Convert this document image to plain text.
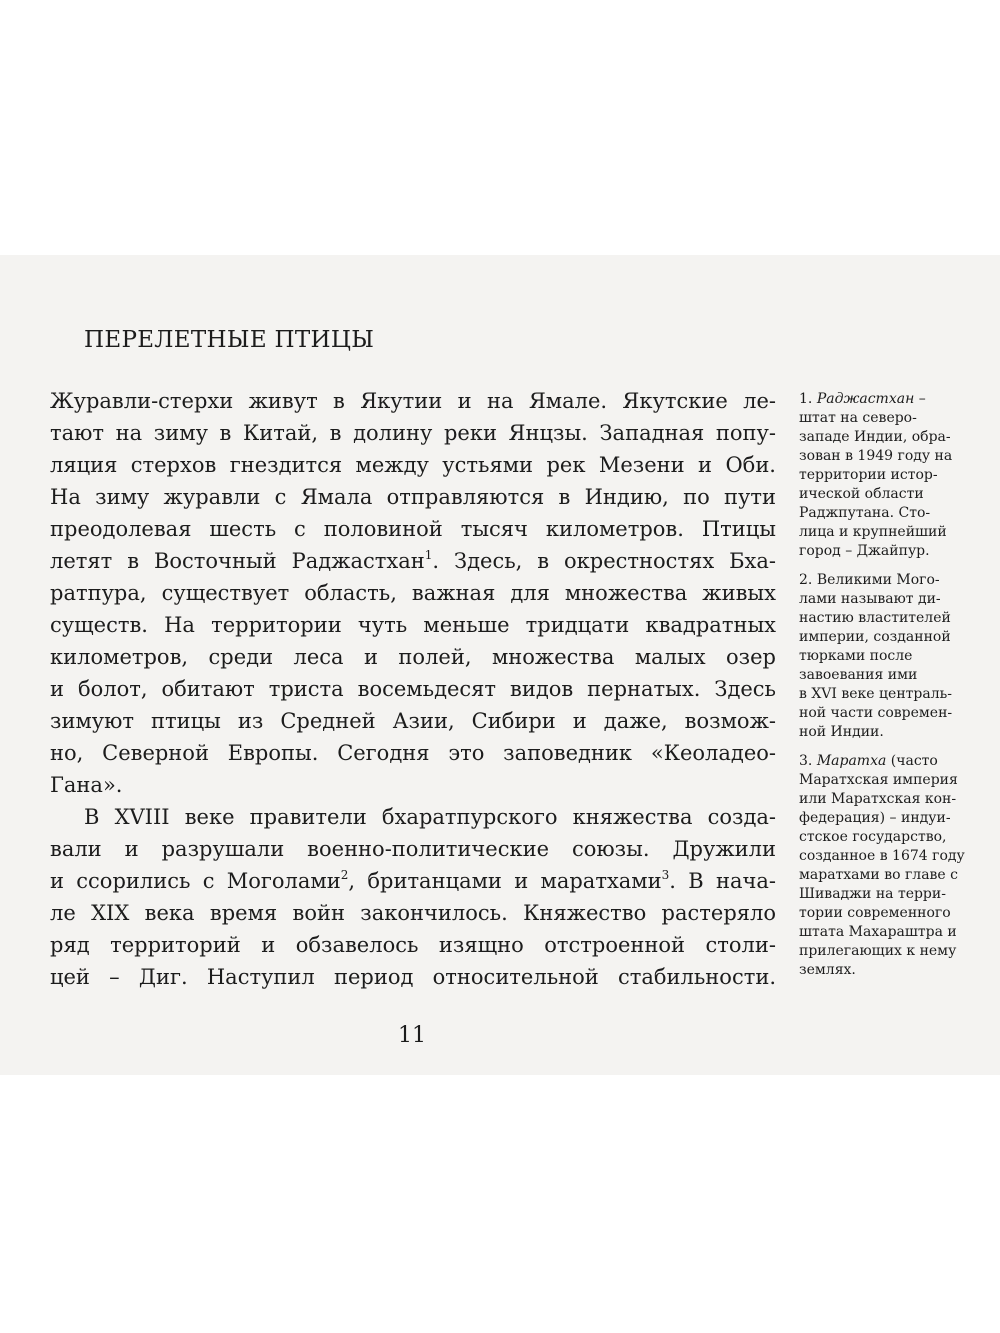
ПЕРЕЛЕТНЫЕ ПТИЦЫ
Журавли-стерхи живут в Якутии и на Ямале. Якутские ле-
тают на зиму в Китай, в долину реки Янцзы. Западная попу-
ляция стерхов гнездится между устьями рек Мезени и Оби.
На зиму журавли с Ямала отправляются в Индию, по пути
преодолевая шесть с половиной тысяч километров. Птицы
летят в Восточный Раджастхан$^1$. Здесь, в окрестностях Бха-
ратпура, существует область, важная для множества живых
существ. На территории чуть меньше тридцати квадратных
километров, среди леса и полей, множества малых озер
и болот, обитают триста восемьдесят видов пернатых. Здесь
зимуют птицы из Средней Азии, Сибири и даже, возмож-
но, Северной Европы. Сегодня это заповедник «Кеоладео-
Гана».
В XVIII веке правители бхаратпурского княжества созда-
вали и разрушали военно-политические союзы. Дружили
и ссорились с Моголами$^2$, британцами и маратхами$^3$. В нача-
ле XIX века время войн закончилось. Княжество растеряло
ряд территорий и обзавелось изящно отстроенной столи-
цей – Диг. Наступил период относительной стабильности.
11
1. Раджастхан –
штат на северо-
западе Индии, обра-
зован в 1949 году на
территории истор-
ической области
Раджпутана. Сто-
лица и крупнейший
город – Джайпур.
2. Великими Мого-
лами называют ди-
настию властителей
империи, созданной
тюрками после
завоевания ими
в XVI веке централь-
ной части современ-
ной Индии.
3. Маратха (часто
Маратхская империя
или Маратхская кон-
федерация) – индуи-
стское государство,
созданное в 1674 году
маратхами во главе с
Шиваджи на терри-
тории современного
штата Махараштра и
прилегающих к нему
землях.
